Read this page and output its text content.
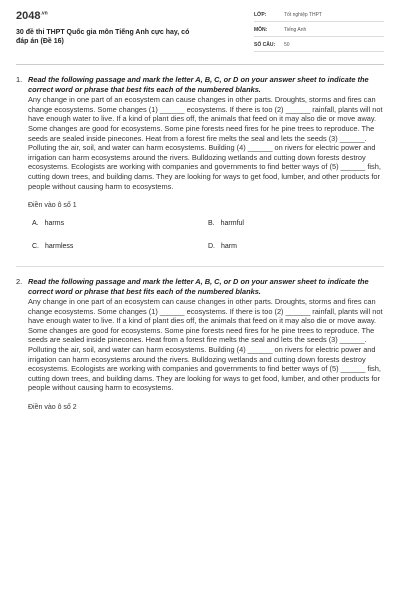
$2048^{.vn}$
30 đề thi THPT Quốc gia môn Tiếng Anh cực hay, có đáp án (Đề 16)
LỚP:	Tốt nghiệp THPT
MÔN:	Tiếng Anh
SỐ CÂU:	50
1. Read the following passage and mark the letter A, B, C, or D on your answer sheet to indicate the correct word or phrase that best fits each of the numbered blanks.
Any change in one part of an ecosystem can cause changes in other parts. Droughts, storms and fires can change ecosystems. Some changes (1) ______ ecosystems. If there is too (2) ______ rainfall, plants will not have enough water to live. If a kind of plant dies off, the animals that feed on it may also die or move away. Some changes are good for ecosystems. Some pine forests need fires for he pine trees to reproduce. The seeds are sealed inside pinecones. Heat from a forest fire melts the seal and lets the seeds (3) ______. Polluting the air, soil, and water can harm ecosystems. Building (4) ______ on rivers for electric power and irrigation can harm ecosystems around the rivers. Bulldozing wetlands and cutting down forests destroy ecosystems. Ecologists are working with companies and governments to find better ways of (5) ______ fish, cutting down trees, and building dams. They are looking for ways to get food, lumber, and other products for people without causing harm to ecosystems.
Điền vào ô số 1
A. harms	B. harmful
C. harmless	D. harm
2. Read the following passage and mark the letter A, B, C, or D on your answer sheet to indicate the correct word or phrase that best fits each of the numbered blanks.
Any change in one part of an ecosystem can cause changes in other parts. Droughts, storms and fires can change ecosystems. Some changes (1) ______ ecosystems. If there is too (2) ______ rainfall, plants will not have enough water to live. If a kind of plant dies off, the animals that feed on it may also die or move away. Some changes are good for ecosystems. Some pine forests need fires for he pine trees to reproduce. The seeds are sealed inside pinecones. Heat from a forest fire melts the seal and lets the seeds (3) ______. Polluting the air, soil, and water can harm ecosystems. Building (4) ______ on rivers for electric power and irrigation can harm ecosystems around the rivers. Bulldozing wetlands and cutting down forests destroy ecosystems. Ecologists are working with companies and governments to find better ways of (5) ______ fish, cutting down trees, and building dams. They are looking for ways to get food, lumber, and other products for people without causing harm to ecosystems.
Điền vào ô số 2
